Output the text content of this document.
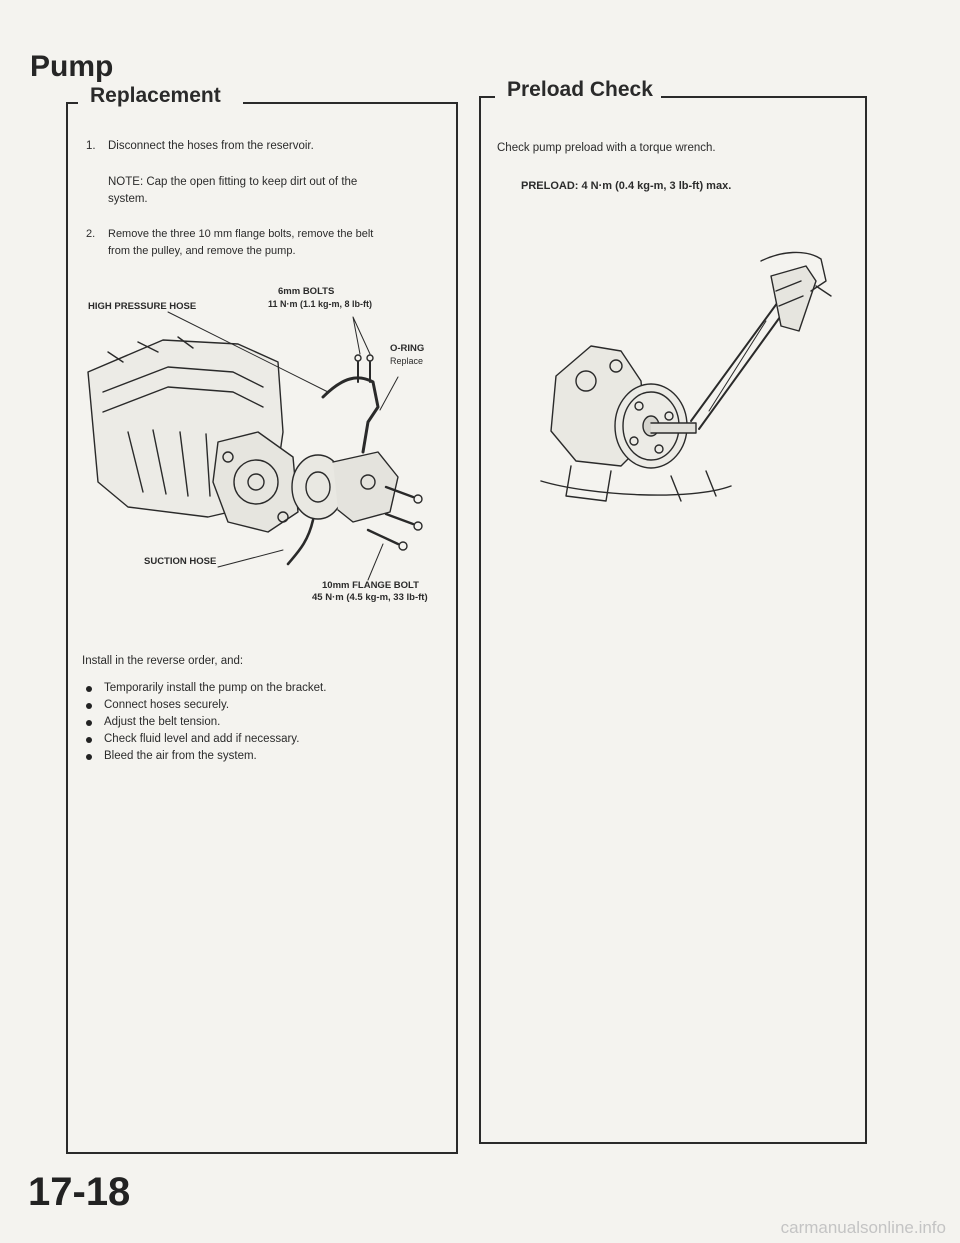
Pump
Replacement
1. Disconnect the hoses from the reservoir.
NOTE: Cap the open fitting to keep dirt out of the
system.
2.	Remove the three 10 mm flange bolts, remove the belt
from the pulley, and remove the pump.
HIGH PRESSURE HOSE
6mm BOLTS
11 N·m (1.1 kg-m, 8 lb-ft)
O-RING
Replace
SUCTION HOSE
10mm FLANGE BOLT
45 N·m (4.5 kg-m, 33 lb-ft)
Install in the reverse order, and:
Temporarily install the pump on the bracket.
Connect hoses securely.
Adjust the belt tension.
Check fluid level and add if necessary.
Bleed the air from the system.
Preload Check
Check pump preload with a torque wrench.
PRELOAD: 4 N·m (0.4 kg-m, 3 lb-ft) max.
17-18
carmanualsonline.info
